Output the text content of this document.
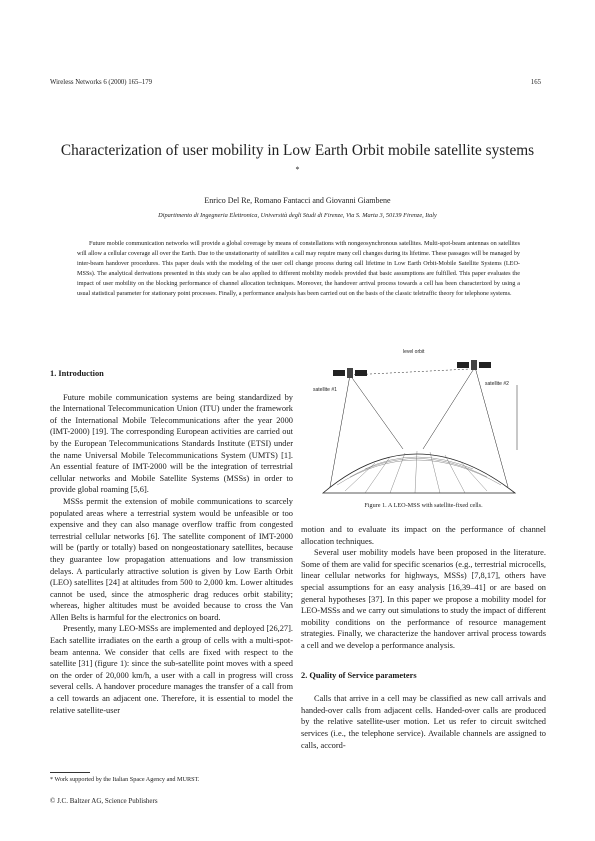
Wireless Networks 6 (2000) 165–179	165
Characterization of user mobility in Low Earth Orbit mobile satellite systems *
Enrico Del Re, Romano Fantacci and Giovanni Giambene
Dipartimento di Ingegneria Elettronica, Università degli Studi di Firenze, Via S. Marta 3, 50139 Firenze, Italy

Future mobile communication networks will provide a global coverage by means of constellations with nongeosynchronous satellites. Multi-spot-beam antennas on satellites will allow a cellular coverage all over the Earth. Due to the unstationarity of satellites a call may require many cell changes during its lifetime. These passages will be managed by inter-beam handover procedures. This paper deals with the modeling of the user cell change process during call lifetime in Low Earth Orbit-Mobile Satellite Systems (LEO-MSSs). The analytical derivations presented in this study can be also applied to different mobility models provided that basic assumptions are fulfilled. This paper evaluates the impact of user mobility on the blocking performance of channel allocation techniques. Moreover, the handover arrival process towards a cell has been characterized by using a usual statistical parameter for stationary point processes. Finally, a performance analysis has been carried out on the basis of the classic teletraffic theory for telephone systems.

1. Introduction

Future mobile communication systems are being standardized by the International Telecommunication Union (ITU) under the framework of the International Mobile Telecommunications after the year 2000 (IMT-2000) [19]. The corresponding European activities are carried out by the European Telecommunications Standards Institute (ETSI) under the name Universal Mobile Telecommunications System (UMTS) [1]. An essential feature of IMT-2000 will be the integration of terrestrial cellular networks and Mobile Satellite Systems (MSSs) in order to provide global roaming [5,6].

MSSs permit the extension of mobile communications to scarcely populated areas where a terrestrial system would be unfeasible or too expensive and they can also manage overflow traffic from congested terrestrial cellular networks [6]. The satellite component of IMT-2000 will be (partly or totally) based on nongeostationary satellites, because they guarantee low propagation attenuations and low transmission delays. A particularly attractive solution is given by Low Earth Orbit (LEO) satellites [24] at altitudes from 500 to 2,000 km. Lower altitudes cannot be used, since the atmospheric drag reduces orbit stability; whereas, higher altitudes must be avoided because to cross the Van Allen Belts is harmful for the electronics on board.

Presently, many LEO-MSSs are implemented and deployed [26,27]. Each satellite irradiates on the earth a group of cells with a multi-spot-beam antenna. We consider that cells are fixed with respect to the satellite [31] (figure 1): since the sub-satellite point moves with a speed on the order of 20,000 km/h, a user with a call in progress will cross several cells. A handover procedure manages the transfer of a call from a cell towards an adjacent one. Therefore, it is essential to model the relative satellite-user

level orbit
satellite #1
satellite #2
Figure 1. A LEO-MSS with satellite-fixed cells.

motion and to evaluate its impact on the performance of channel allocation techniques.

Several user mobility models have been proposed in the literature. Some of them are valid for specific scenarios (e.g., terrestrial microcells, linear cellular networks for highways, MSSs) [7,8,17], others have special assumptions for an easy analysis [16,39–41] or are based on general hypotheses [37]. In this paper we propose a mobility model for LEO-MSSs and we carry out simulations to study the impact of different mobility conditions on the performance of resource management strategies. Finally, we characterize the handover arrival process towards a cell and we develop a performance analysis.

2. Quality of Service parameters

Calls that arrive in a cell may be classified as new call arrivals and handed-over calls from adjacent cells. Handed-over calls are produced by the relative satellite-user motion. Let us refer to circuit switched services (i.e., the telephone service). Available channels are assigned to calls, accord-

* Work supported by the Italian Space Agency and MURST.
© J.C. Baltzer AG, Science Publishers
